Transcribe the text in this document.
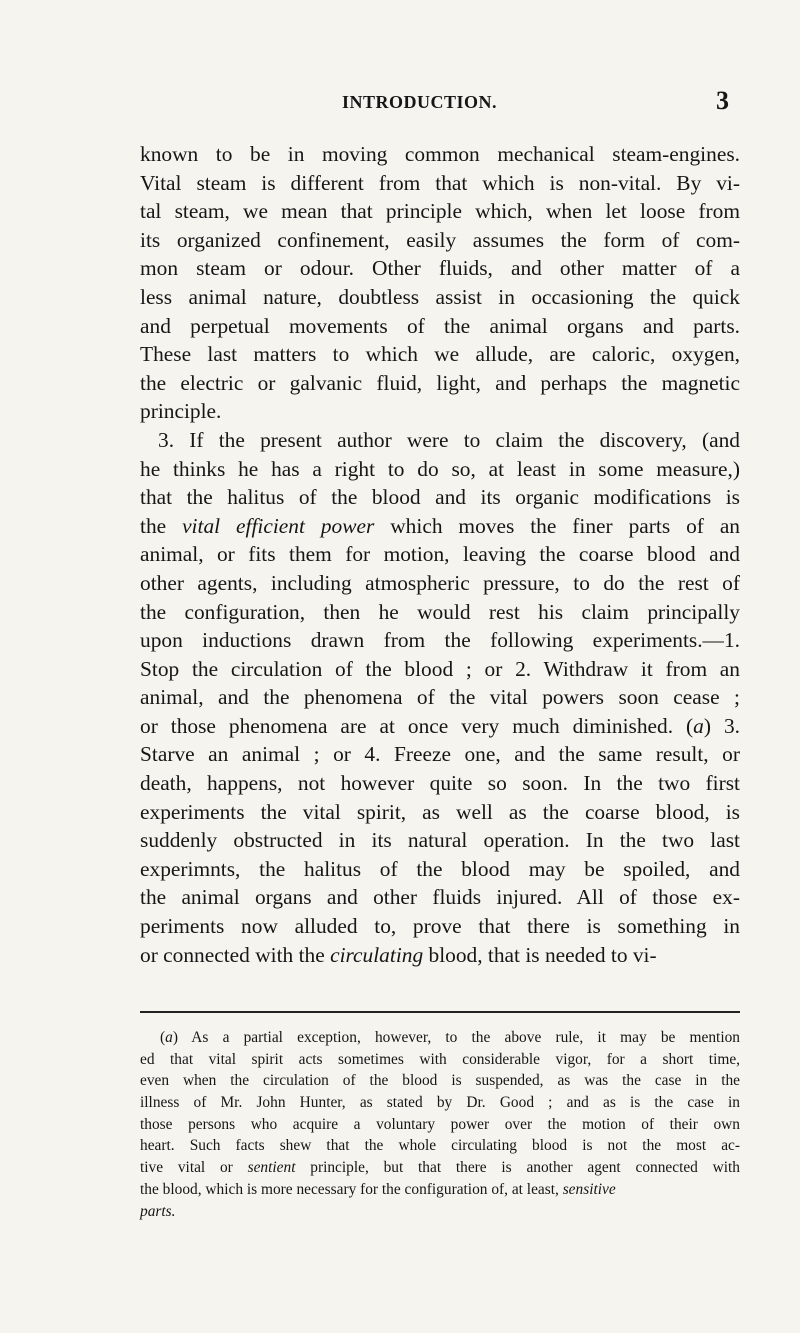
INTRODUCTION.	3
known to be in moving common mechanical steam-engines.
Vital steam is different from that which is non-vital. By vi-
tal steam, we mean that principle which, when let loose from
its organized confinement, easily assumes the form of com-
mon steam or odour. Other fluids, and other matter of a
less animal nature, doubtless assist in occasioning the quick
and perpetual movements of the animal organs and parts.
These last matters to which we allude, are caloric, oxygen,
the electric or galvanic fluid, light, and perhaps the magnetic
principle.
3. If the present author were to claim the discovery, (and
he thinks he has a right to do so, at least in some measure,)
that the halitus of the blood and its organic modifications is
the vital efficient power which moves the finer parts of an
animal, or fits them for motion, leaving the coarse blood and
other agents, including atmospheric pressure, to do the rest of
the configuration, then he would rest his claim principally
upon inductions drawn from the following experiments.—1.
Stop the circulation of the blood ; or 2. Withdraw it from an
animal, and the phenomena of the vital powers soon cease ;
or those phenomena are at once very much diminished. (a) 3.
Starve an animal ; or 4. Freeze one, and the same result, or
death, happens, not however quite so soon. In the two first
experiments the vital spirit, as well as the coarse blood, is
suddenly obstructed in its natural operation. In the two last
experimnts, the halitus of the blood may be spoiled, and
the animal organs and other fluids injured. All of those ex-
periments now alluded to, prove that there is something in
or connected with the circulating blood, that is needed to vi-
(a) As a partial exception, however, to the above rule, it may be mention
ed that vital spirit acts sometimes with considerable vigor, for a short time,
even when the circulation of the blood is suspended, as was the case in the
illness of Mr. John Hunter, as stated by Dr. Good ; and as is the case in
those persons who acquire a voluntary power over the motion of their own
heart. Such facts shew that the whole circulating blood is not the most ac-
tive vital or sentient principle, but that there is another agent connected with
the blood, which is more necessary for the configuration of, at least, sensitive
parts.
